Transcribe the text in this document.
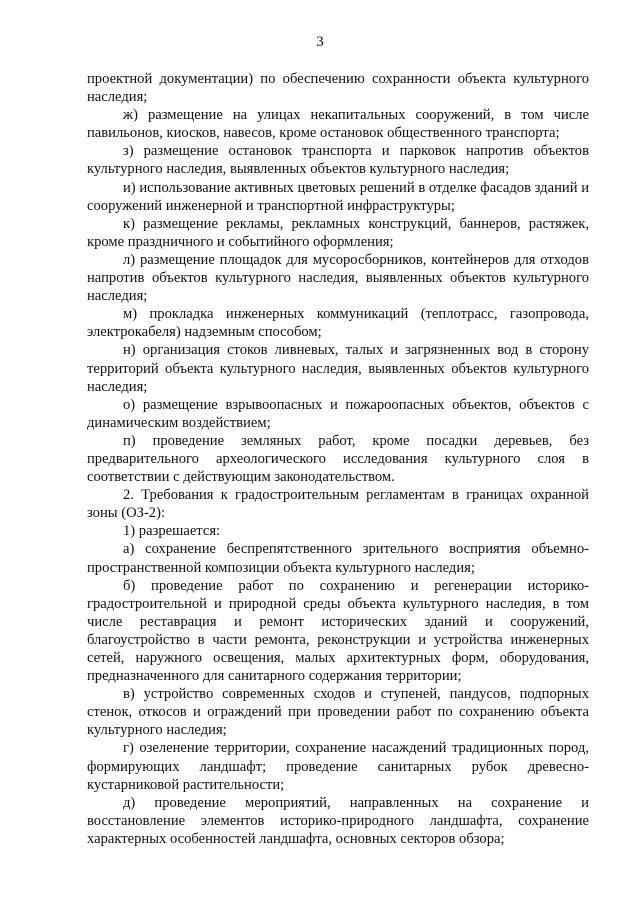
3

проектной документации) по обеспечению сохранности объекта культурного наследия;

ж) размещение на улицах некапитальных сооружений, в том числе павильонов, киосков, навесов, кроме остановок общественного транспорта;

з) размещение остановок транспорта и парковок напротив объектов культурного наследия, выявленных объектов культурного наследия;

и) использование активных цветовых решений в отделке фасадов зданий и сооружений инженерной и транспортной инфраструктуры;

к) размещение рекламы, рекламных конструкций, баннеров, растяжек, кроме праздничного и событийного оформления;

л) размещение площадок для мусоросборников, контейнеров для отходов напротив объектов культурного наследия, выявленных объектов культурного наследия;

м) прокладка инженерных коммуникаций (теплотрасс, газопровода, электрокабеля) надземным способом;

н) организация стоков ливневых, талых и загрязненных вод в сторону территорий объекта культурного наследия, выявленных объектов культурного наследия;

о) размещение взрывоопасных и пожароопасных объектов, объектов с динамическим воздействием;

п) проведение земляных работ, кроме посадки деревьев, без предварительного археологического исследования культурного слоя в соответствии с действующим законодательством.

2. Требования к градостроительным регламентам в границах охранной зоны (ОЗ-2):

1) разрешается:

а) сохранение беспрепятственного зрительного восприятия объемно-пространственной композиции объекта культурного наследия;

б) проведение работ по сохранению и регенерации историко-градостроительной и природной среды объекта культурного наследия, в том числе реставрация и ремонт исторических зданий и сооружений, благоустройство в части ремонта, реконструкции и устройства инженерных сетей, наружного освещения, малых архитектурных форм, оборудования, предназначенного для санитарного содержания территории;

в) устройство современных сходов и ступеней, пандусов, подпорных стенок, откосов и ограждений при проведении работ по сохранению объекта культурного наследия;

г) озеленение территории, сохранение насаждений традиционных пород, формирующих ландшафт; проведение санитарных рубок древесно-кустарниковой растительности;

д) проведение мероприятий, направленных на сохранение и восстановление элементов историко-природного ландшафта, сохранение характерных особенностей ландшафта, основных секторов обзора;
